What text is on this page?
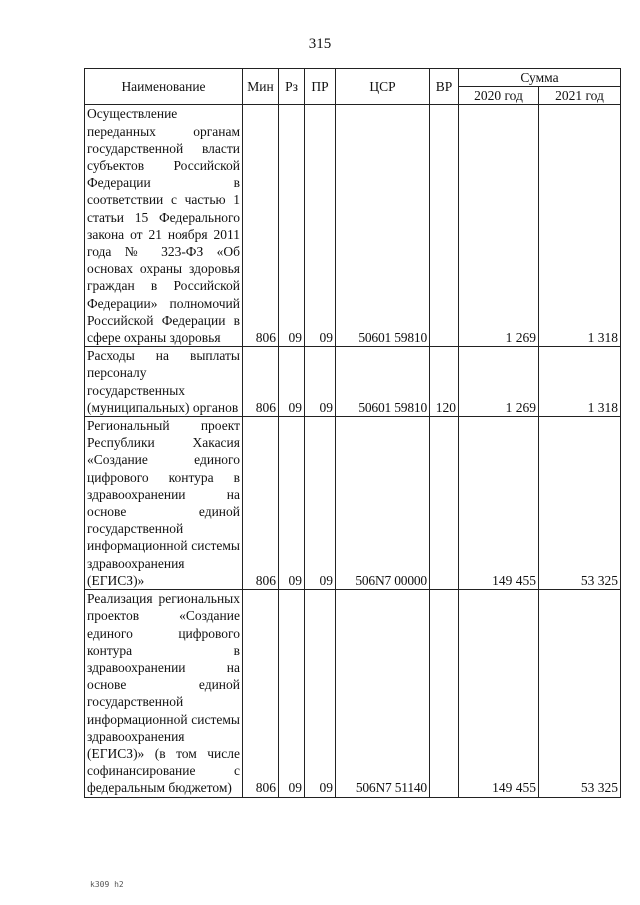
315
Наименование	Мин	Рз	ПР	ЦСР	ВР	Сумма	
						2020 год	2021 год
Осуществление переданных органам государственной власти субъектов Российской Федерации в соответствии с частью 1 статьи 15 Федерального закона от 21 ноября 2011 года № 323-ФЗ «Об основах охраны здоровья граждан в Российской Федерации» полномочий Российской Федерации в сфере охраны здоровья	806	09	09	50601 59810		1 269	1 318
Расходы на выплаты персоналу государственных (муниципальных) органов	806	09	09	50601 59810	120	1 269	1 318
Региональный проект Республики Хакасия «Создание единого цифрового контура в здравоохранении на основе единой государственной информационной системы здравоохранения (ЕГИСЗ)»	806	09	09	506N7 00000		149 455	53 325
Реализация региональных проектов «Создание единого цифрового контура в здравоохранении на основе единой государственной информационной системы здравоохранения (ЕГИСЗ)» (в том числе софинансирование с федеральным бюджетом)	806	09	09	506N7 51140		149 455	53 325
k309 h2
